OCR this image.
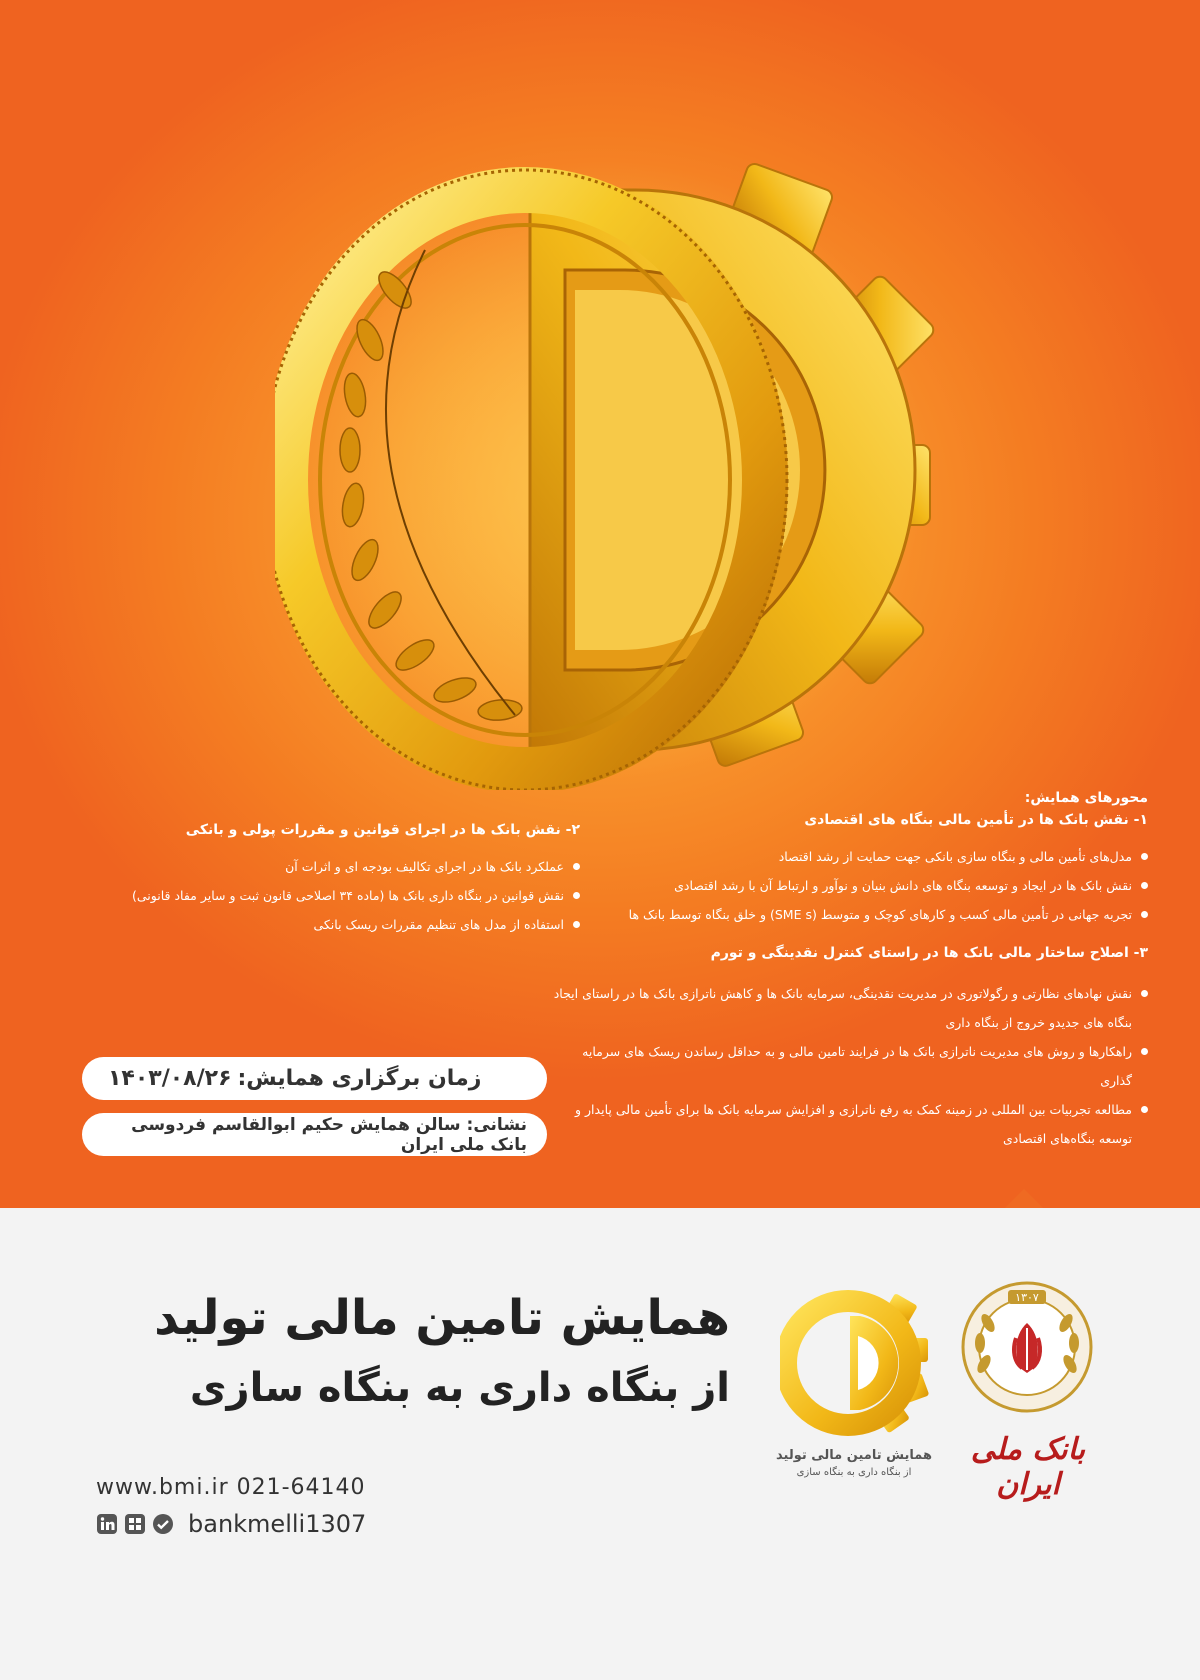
محورهای همایش:
۱- نقش بانک ها در تأمین مالی بنگاه های اقتصادی
مدل‌های تأمین مالی و بنگاه سازی بانکی جهت حمایت از رشد اقتصاد
نقش بانک ها در ایجاد و توسعه بنگاه های دانش بنیان و نوآور و ارتباط آن با رشد اقتصادی
تجربه جهانی در تأمین مالی کسب و کارهای کوچک و متوسط (SME s) و خلق بنگاه توسط بانک ها
۳- اصلاح ساختار مالی بانک ها در راستای کنترل نقدینگی و تورم
نقش نهادهای نظارتی و رگولاتوری در مدیریت نقدینگی، سرمایه بانک ها و کاهش ناترازی بانک ها در راستای ایجاد بنگاه های جدیدو خروج از بنگاه داری
راهکارها و روش های مدیریت ناترازی بانک ها در فرایند تامین مالی و به حداقل رساندن ریسک های سرمایه گذاری
مطالعه تجربیات بین المللی در زمینه کمک به رفع ناترازی و افزایش سرمایه بانک ها برای تأمین مالی پایدار و توسعه بنگاه‌های اقتصادی
۲- نقش بانک ها در اجرای قوانین و مقررات پولی و بانکی
عملکرد بانک ها در اجرای تکالیف بودجه ای و اثرات آن
نقش قوانین در بنگاه داری بانک ها (ماده ۳۴ اصلاحی قانون ثبت و سایر مفاد قانونی)
استفاده از مدل های تنظیم مقررات ریسک بانکی
زمان برگزاری همایش:
۱۴۰۳/۰۸/۲۶
نشانی: سالن همایش حکیم ابوالقاسم فردوسی بانک ملی ایران
همایش تامین مالی تولید
از بنگاه داری به بنگاه سازی
www.bmi.ir 021-64140
bankmelli1307
همایش تامین مالی تولید
از بنگاه داری به بنگاه سازی
۱۳۰۷
بانک ملی ایران
